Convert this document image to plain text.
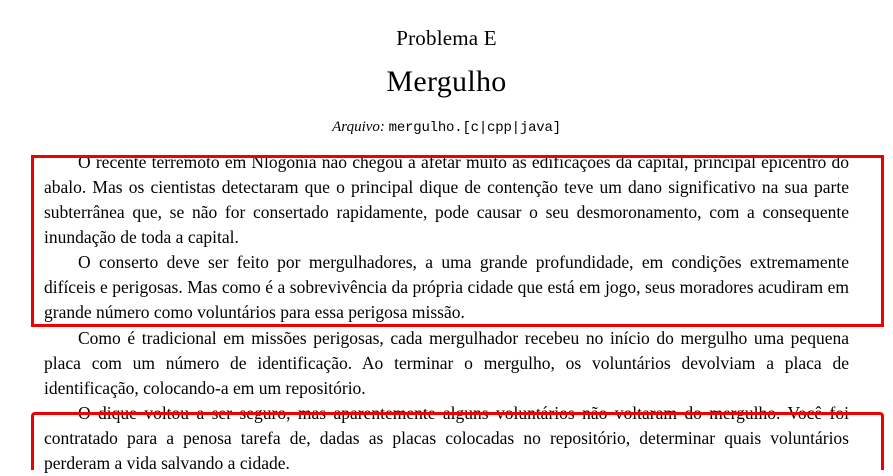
Problema E
Mergulho
Arquivo: mergulho.[c|cpp|java]

O recente terremoto em Nlogônia não chegou a afetar muito as edificações da capital, principal epicentro do abalo. Mas os cientistas detectaram que o principal dique de contenção teve um dano significativo na sua parte subterrânea que, se não for consertado rapidamente, pode causar o seu desmoronamento, com a consequente inundação de toda a capital.

O conserto deve ser feito por mergulhadores, a uma grande profundidade, em condições extremamente difíceis e perigosas. Mas como é a sobrevivência da própria cidade que está em jogo, seus moradores acudiram em grande número como voluntários para essa perigosa missão.

Como é tradicional em missões perigosas, cada mergulhador recebeu no início do mergulho uma pequena placa com um número de identificação. Ao terminar o mergulho, os voluntários devolviam a placa de identificação, colocando-a em um repositório.

O dique voltou a ser seguro, mas aparentemente alguns voluntários não voltaram do mergulho. Você foi contratado para a penosa tarefa de, dadas as placas colocadas no repositório, determinar quais voluntários perderam a vida salvando a cidade.
